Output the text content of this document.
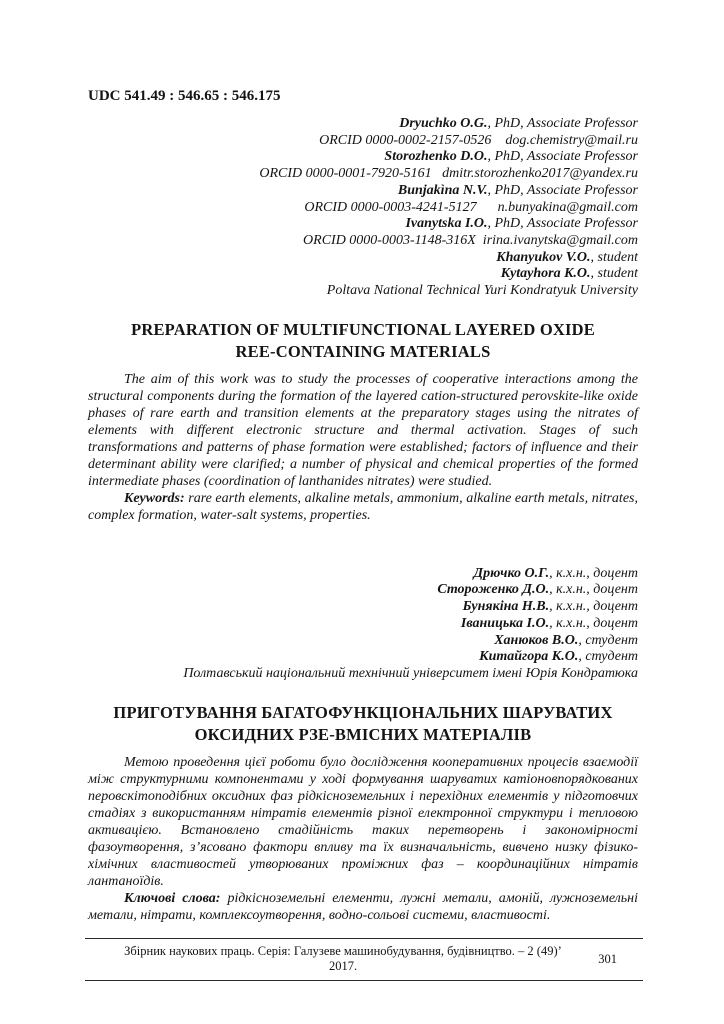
UDC 541.49 : 546.65 : 546.175
Dryuchko O.G., PhD, Associate Professor
ORCID 0000-0002-2157-0526    dog.chemistry@mail.ru
Storozhenko D.O., PhD, Associate Professor
ORCID 0000-0001-7920-5161   dmitr.storozhenko2017@yandex.ru
Bunjakìna N.V., PhD, Associate Professor
ORCID 0000-0003-4241-5127      n.bunyakina@gmail.com
Ivanytska I.O., PhD, Associate Professor
ORCID 0000-0003-1148-316X  irina.ivanytska@gmail.com
Khanyukov V.O., student
Kytayhora K.O., student
Poltava National Technical Yuri Kondratyuk University
PREPARATION OF MULTIFUNCTIONAL LAYERED OXIDE
REE-CONTAINING MATERIALS

The aim of this work was to study the processes of cooperative interactions among the structural components during the formation of the layered cation-structured perovskite-like oxide phases of rare earth and transition elements at the preparatory stages using the nitrates of elements with different electronic structure and thermal activation. Stages of such transformations and patterns of phase formation were established; factors of influence and their determinant ability were clarified; a number of physical and chemical properties of the formed intermediate phases (coordination of lanthanides nitrates) were studied.

Keywords: rare earth elements, alkaline metals, ammonium, alkaline earth metals, nitrates, complex formation, water-salt systems, properties.

Дрючко О.Г., к.х.н., доцент
Стороженко Д.О., к.х.н., доцент
Бунякіна Н.В., к.х.н., доцент
Іваницька І.О., к.х.н., доцент
Ханюков В.О., студент
Китайгора К.О., студент
Полтавський національний технічний університет імені Юрія Кондратюка
ПРИГОТУВАННЯ БАГАТОФУНКЦІОНАЛЬНИХ ШАРУВАТИХ
ОКСИДНИХ РЗЕ-ВМІСНИХ МАТЕРІАЛІВ

Метою проведення цієї роботи було дослідження кооперативних процесів взаємодії між структурними компонентами у ході формування шаруватих катіоновпорядкованих перовскітоподібних оксидних фаз рідкісноземельних і перехідних елементів у підготовчих стадіях з використанням нітратів елементів різної електронної структури і тепловою активацією. Встановлено стадійність таких перетворень і закономірності фазоутворення, з’ясовано фактори впливу та їх визначальність, вивчено низку фізико-хімічних властивостей утворюваних проміжних фаз – координаційних нітратів лантаноїдів.

Ключові слова: рідкісноземельні елементи, лужні метали, амоній, лужноземельні метали, нітрати, комплексоутворення, водно-сольові системи, властивості.

Збірник наукових праць. Серія: Галузеве машинобудування, будівництво. – 2 (49)’ 2017.
301
